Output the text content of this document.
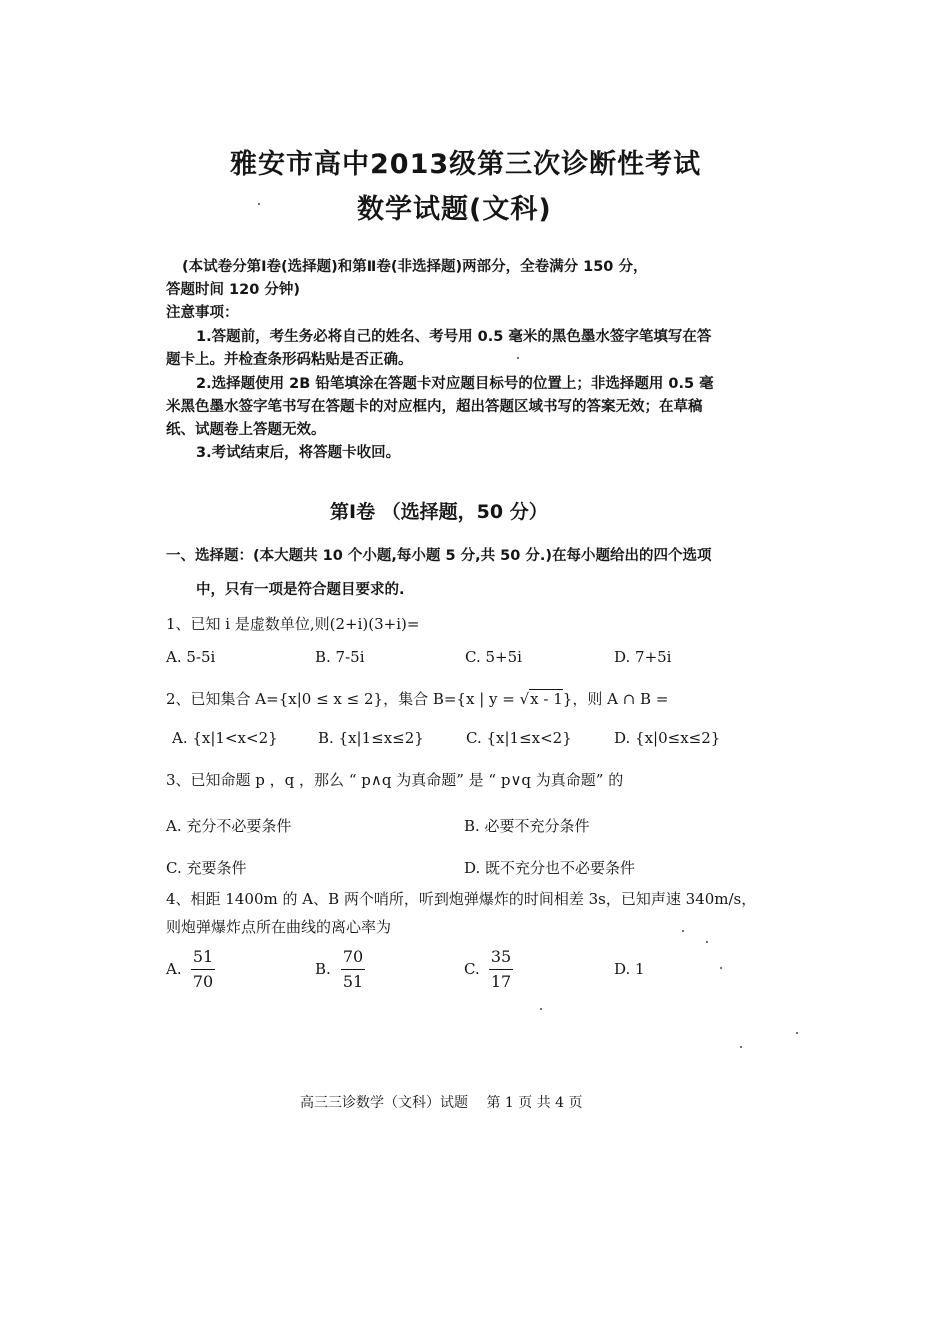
雅安市高中2013级第三次诊断性考试
数学试题(文科)
(本试卷分第Ⅰ卷(选择题)和第Ⅱ卷(非选择题)两部分，全卷满分 150 分，
答题时间 120 分钟)
注意事项：
1.答题前，考生务必将自己的姓名、考号用 0.5 毫米的黑色墨水签字笔填写在答
题卡上。并检查条形码粘贴是否正确。
2.选择题使用 2B 铅笔填涂在答题卡对应题目标号的位置上；非选择题用 0.5 毫
米黑色墨水签字笔书写在答题卡的对应框内，超出答题区域书写的答案无效；在草稿
纸、试题卷上答题无效。
3.考试结束后，将答题卡收回。
第Ⅰ卷 （选择题，50 分）
一、选择题：(本大题共 10 个小题,每小题 5 分,共 50 分.)在每小题给出的四个选项
中，只有一项是符合题目要求的.
1、已知 i 是虚数单位,则(2+i)(3+i)=
A. 5-5i	B. 7-5i	C. 5+5i	D. 7+5i
2、已知集合 A={x|0 ≤ x ≤ 2}，集合 B={x | y = √x - 1}，则 A ∩ B =
A. {x|1<x<2}	B. {x|1≤x≤2}	C. {x|1≤x<2}	D. {x|0≤x≤2}
3、已知命题 p ，q ，那么 “ p∧q 为真命题” 是 “ p∨q 为真命题” 的
A. 充分不必要条件	B. 必要不充分条件
C. 充要条件	D. 既不充分也不必要条件
4、相距 1400m 的 A、B 两个哨所，听到炮弹爆炸的时间相差 3s，已知声速 340m/s，
则炮弹爆炸点所在曲线的离心率为
A.
51
70
B.
70
51
C.
35
17
D. 1
高三三诊数学（文科）试题　 第 1 页 共 4 页
